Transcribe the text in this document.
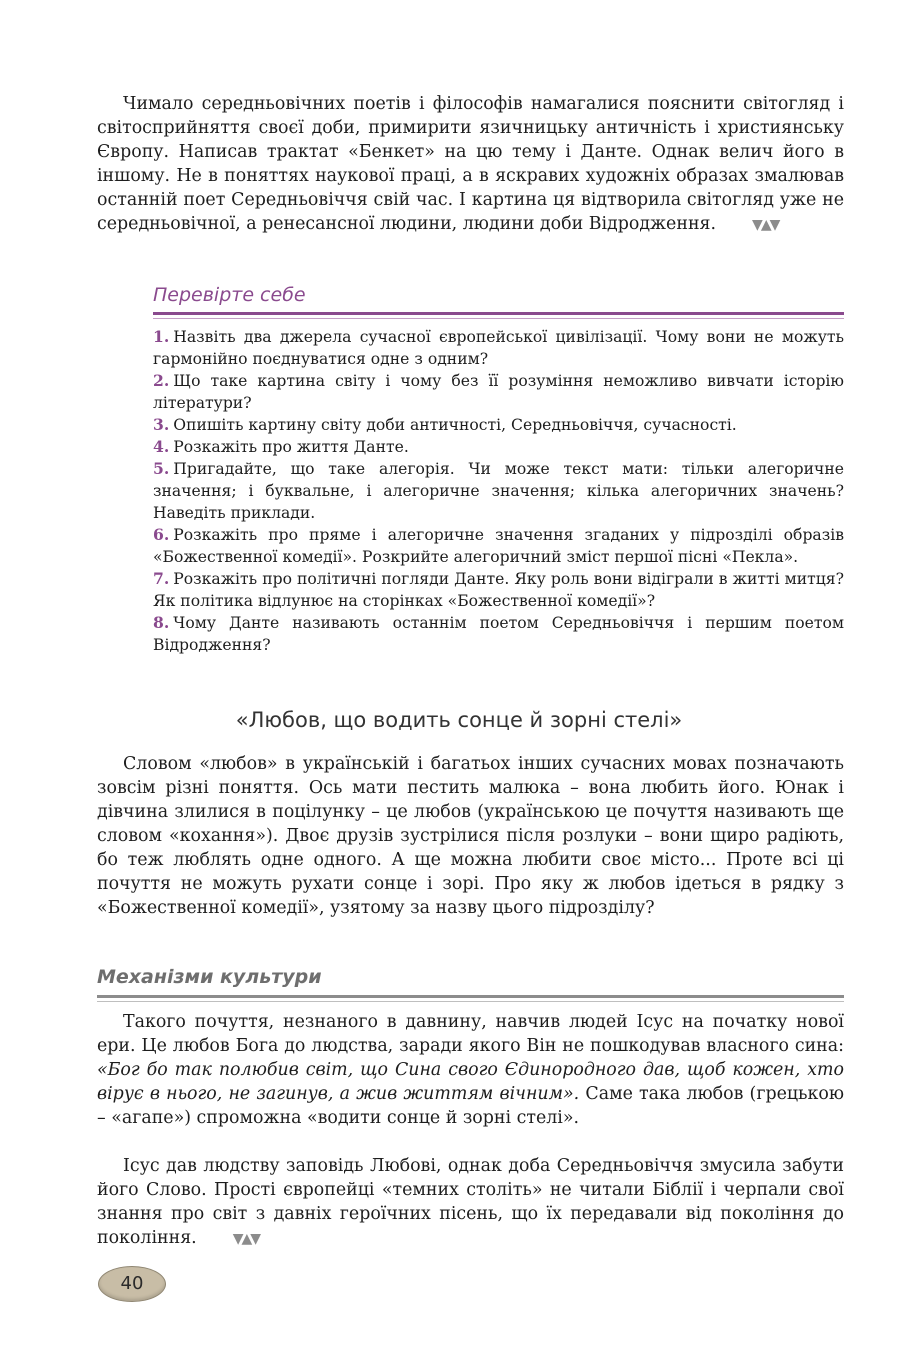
Чимало середньовічних поетів і філософів намагалися пояснити світогляд і світосприйняття своєї доби, примирити язичницьку античність і християнську Європу. Написав трактат «Бенкет» на цю тему і Данте. Однак велич його в іншому. Не в поняттях наукової праці, а в яскравих художніх образах змалював останній поет Середньовіччя свій час. І картина ця відтворила світогляд уже не середньовічної, а ренесансної людини, людини доби Відродження.	▼▲▼
Перевірте себе
1. Назвіть два джерела сучасної європейської цивілізації. Чому вони не можуть гармонійно поєднуватися одне з одним?
2. Що таке картина світу і чому без її розуміння неможливо вивчати історію літератури?
3. Опишіть картину світу доби античності, Середньовіччя, сучасності.
4. Розкажіть про життя Данте.
5. Пригадайте, що таке алегорія. Чи може текст мати: тільки алегоричне значення; і буквальне, і алегоричне значення; кілька алегоричних значень? Наведіть приклади.
6. Розкажіть про пряме і алегоричне значення згаданих у підрозділі образів «Божественної комедії». Розкрийте алегоричний зміст першої пісні «Пекла».
7. Розкажіть про політичні погляди Данте. Яку роль вони відіграли в житті митця? Як політика відлунює на сторінках «Божественної комедії»?
8. Чому Данте називають останнім поетом Середньовіччя і першим поетом Відродження?
«Любов, що водить сонце й зорні стелі»
Словом «любов» в українській і багатьох інших сучасних мовах позначають зовсім різні поняття. Ось мати пестить малюка – вона любить його. Юнак і дівчина злилися в поцілунку – це любов (українською це почуття називають ще словом «кохання»). Двоє друзів зустрілися після розлуки – вони щиро радіють, бо теж люблять одне одного. А ще можна любити своє місто... Проте всі ці почуття не можуть рухати сонце і зорі. Про яку ж любов ідеться в рядку з «Божественної комедії», узятому за назву цього підрозділу?
Механізми культури
Такого почуття, незнаного в давнину, навчив людей Ісус на початку нової ери. Це любов Бога до людства, заради якого Він не пошкодував власного сина: «Бог бо так полюбив світ, що Сина свого Єдинородного дав, щоб кожен, хто вірує в нього, не загинув, а жив життям вічним». Саме така любов (грецькою – «агапе») спроможна «водити сонце й зорні стелі».
Ісус дав людству заповідь Любові, однак доба Середньовіччя змусила забути його Слово. Прості європейці «темних століть» не читали Біблії і черпали свої знання про світ з давніх героїчних пісень, що їх передавали від покоління до покоління.	▼▲▼
40
